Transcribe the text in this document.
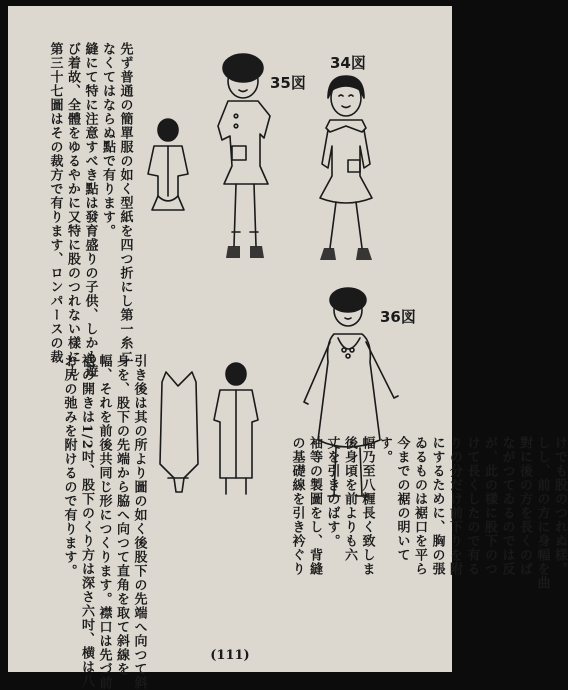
先ず普通の簡單服の如く型紙を四つ折にし第一糸二
なくてはならぬ點で有ります。
縫にて特に注意すべき點は發育盛りの子供、しかも遊
び着故、全體をゆるやかに又特に股のつれない樣にし
第三十七圖はその裁方で有ります、ロンパースの裁
引き後は其の所より圖の如く後股下の先端へ向つて斜
身を、股下の先端から脇へ向つて直角を取て斜線を
幅、それを前後共同じ形につくります。襟口は先づ前
裾の開きは1/2吋、股下のくり方は深さ六吋、横は八
お尻の弛みを附けるので有ります。	けでも股のつれぬ樣。
しし、前の方に身幅を曲
對に後の方を長くのば
ながつてゐるのでは反
が、此の樣に股下のつ
けて長くしたので有る
りの分だけ前下りを附
にするために、胸の張
ゐるものは裾口を平ら
今までの裾の明いて
す。
幅乃至八糎長く致しま
後身頃を前よりも六
丈を引きのばす。
袖等の製圖をし、背縫
の基礎線を引き衿ぐり
35図
34図
36図
(111)
